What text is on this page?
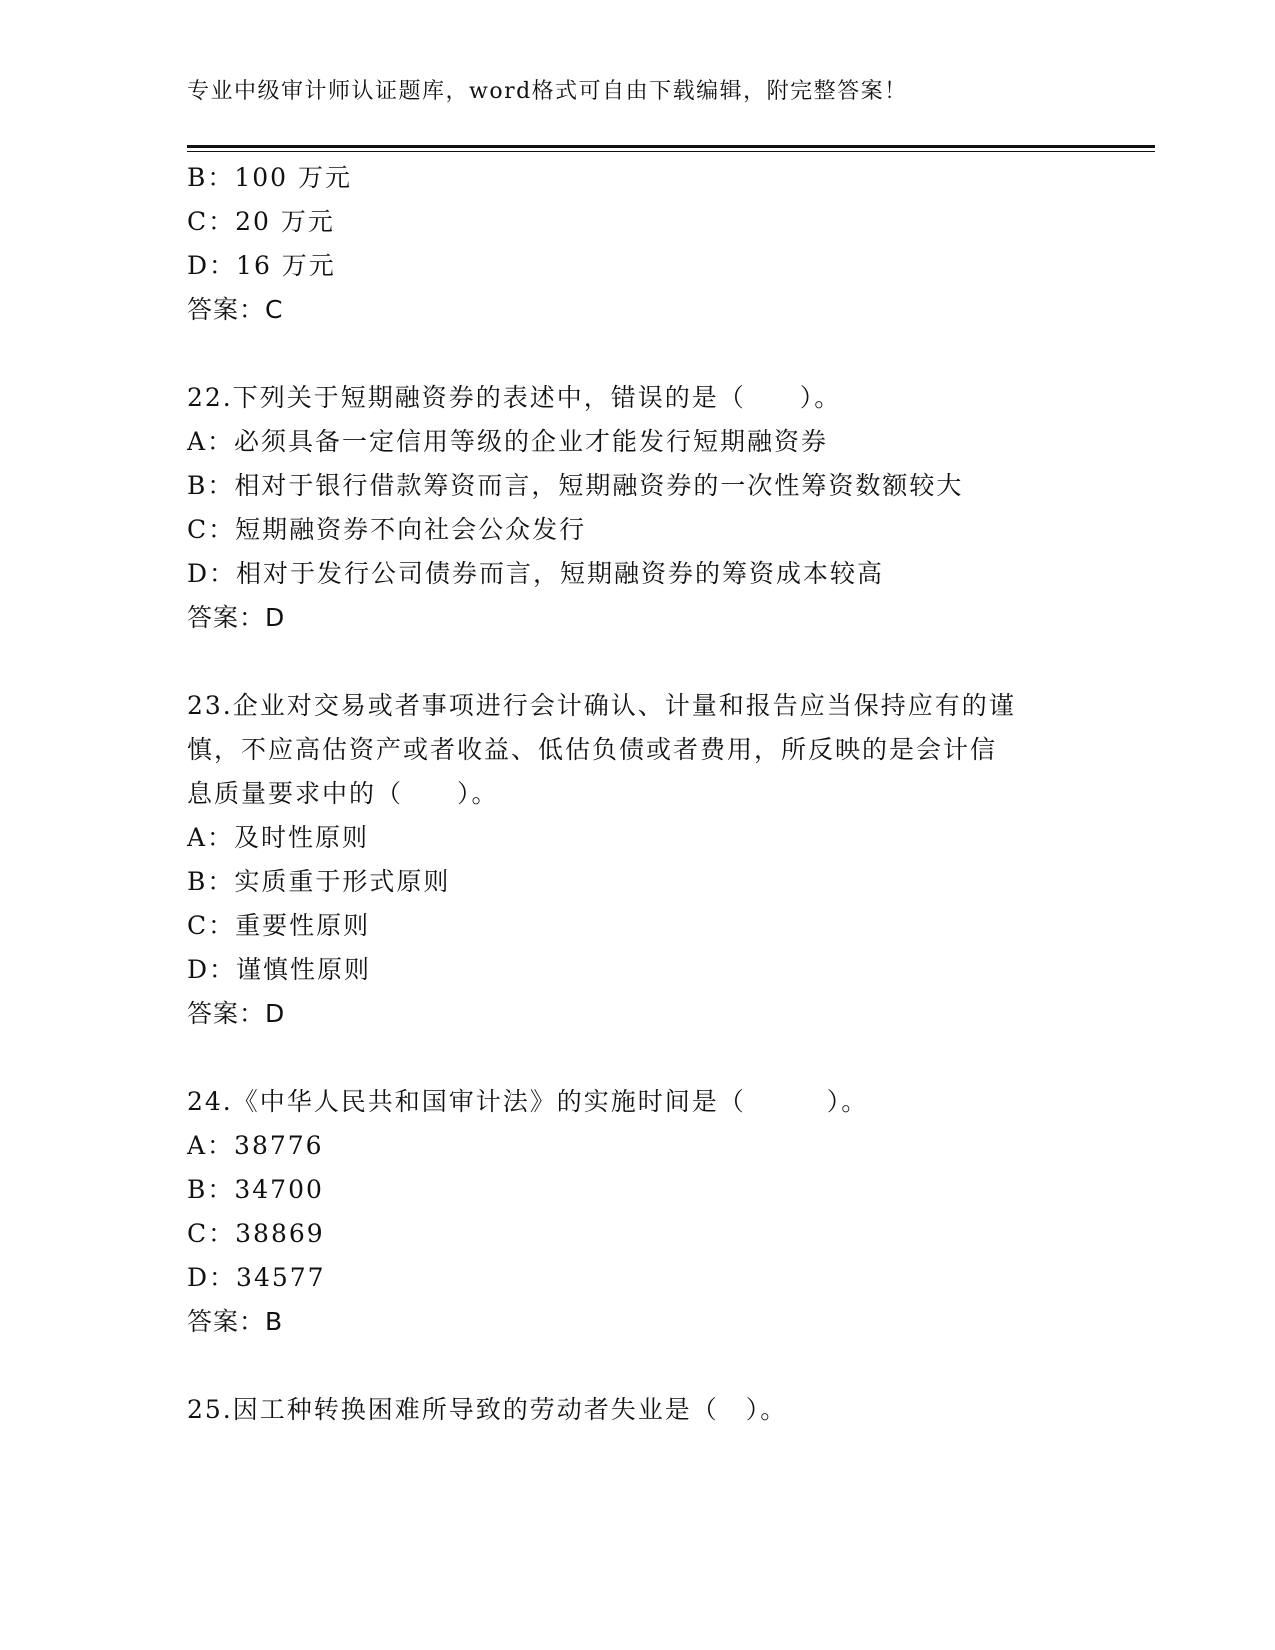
专业中级审计师认证题库，word格式可自由下载编辑，附完整答案！
B：100 万元
C：20 万元
D：16 万元
答案：C
22.下列关于短期融资券的表述中，错误的是（　　）。
A：必须具备一定信用等级的企业才能发行短期融资券
B：相对于银行借款筹资而言，短期融资券的一次性筹资数额较大
C：短期融资券不向社会公众发行
D：相对于发行公司债券而言，短期融资券的筹资成本较高
答案：D
23.企业对交易或者事项进行会计确认、计量和报告应当保持应有的谨
慎，不应高估资产或者收益、低估负债或者费用，所反映的是会计信
息质量要求中的（　　）。
A：及时性原则
B：实质重于形式原则
C：重要性原则
D：谨慎性原则
答案：D
24.《中华人民共和国审计法》的实施时间是（　　　）。
A：38776
B：34700
C：38869
D：34577
答案：B
25.因工种转换困难所导致的劳动者失业是（　）。
